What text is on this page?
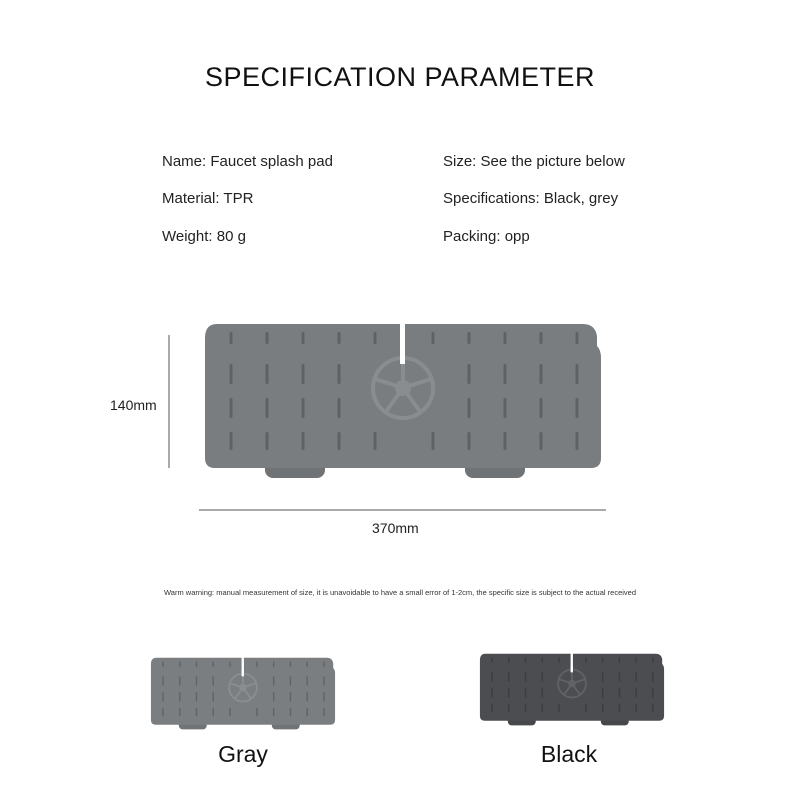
SPECIFICATION PARAMETER
Name: Faucet splash pad	Size: See the picture below
Material: TPR	Specifications: Black, grey
Weight: 80 g	Packing: opp
140mm
370mm
Warm warning: manual measurement of size, it is unavoidable to have a small error of 1-2cm, the specific size is subject to the actual received
Gray	Black
